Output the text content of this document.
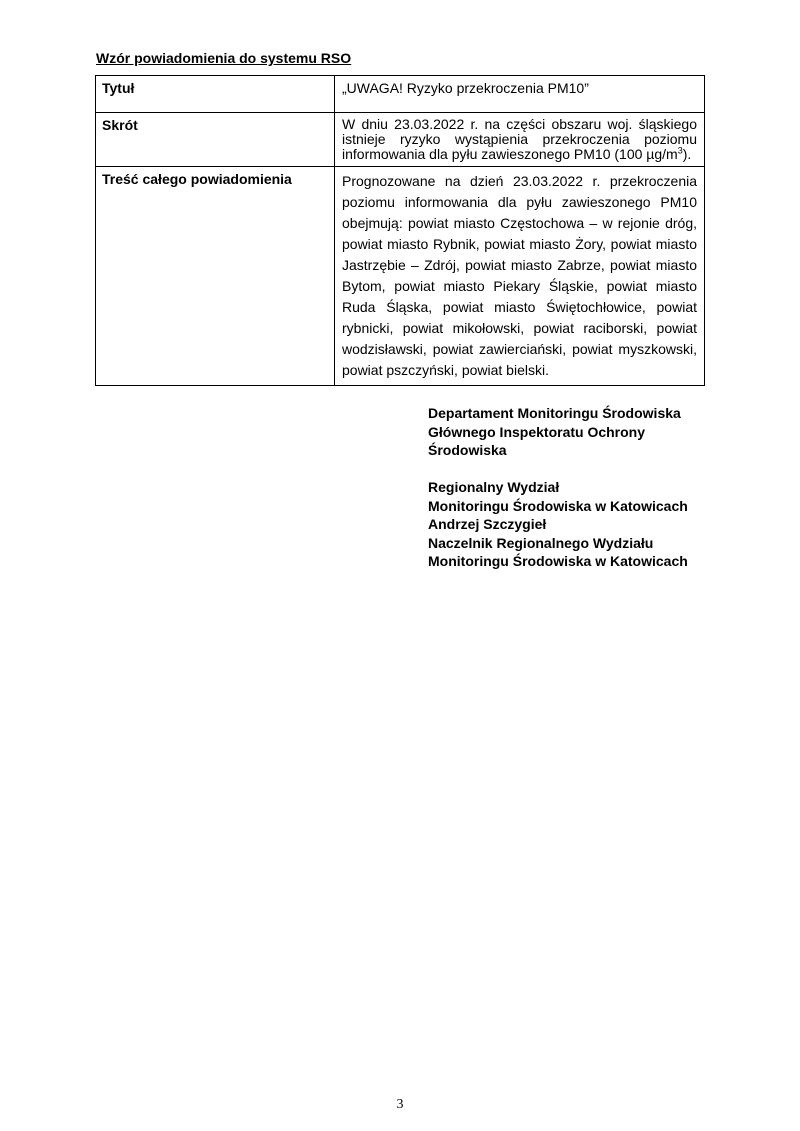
Wzór powiadomienia do systemu RSO
Tytuł	„UWAGA! Ryzyko przekroczenia PM10”
Skrót	W dniu 23.03.2022 r. na części obszaru woj. śląskiego istnieje ryzyko wystąpienia przekroczenia poziomu informowania dla pyłu zawieszonego PM10 (100 $\mu g/m^3$).
Treść całego powiadomienia	Prognozowane na dzień 23.03.2022 r. przekroczenia poziomu informowania dla pyłu zawieszonego PM10 obejmują: powiat miasto Częstochowa – w rejonie dróg, powiat miasto Rybnik, powiat miasto Żory, powiat miasto Jastrzębie – Zdrój, powiat miasto Zabrze, powiat miasto Bytom, powiat miasto Piekary Śląskie, powiat miasto Ruda Śląska, powiat miasto Świętochłowice, powiat rybnicki, powiat mikołowski, powiat raciborski, powiat wodzisławski, powiat zawierciański, powiat myszkowski, powiat pszczyński, powiat bielski.
Departament Monitoringu Środowiska
Głównego Inspektoratu Ochrony
Środowiska
Regionalny Wydział
Monitoringu Środowiska w Katowicach
Andrzej Szczygieł
Naczelnik Regionalnego Wydziału
Monitoringu Środowiska w Katowicach
3
